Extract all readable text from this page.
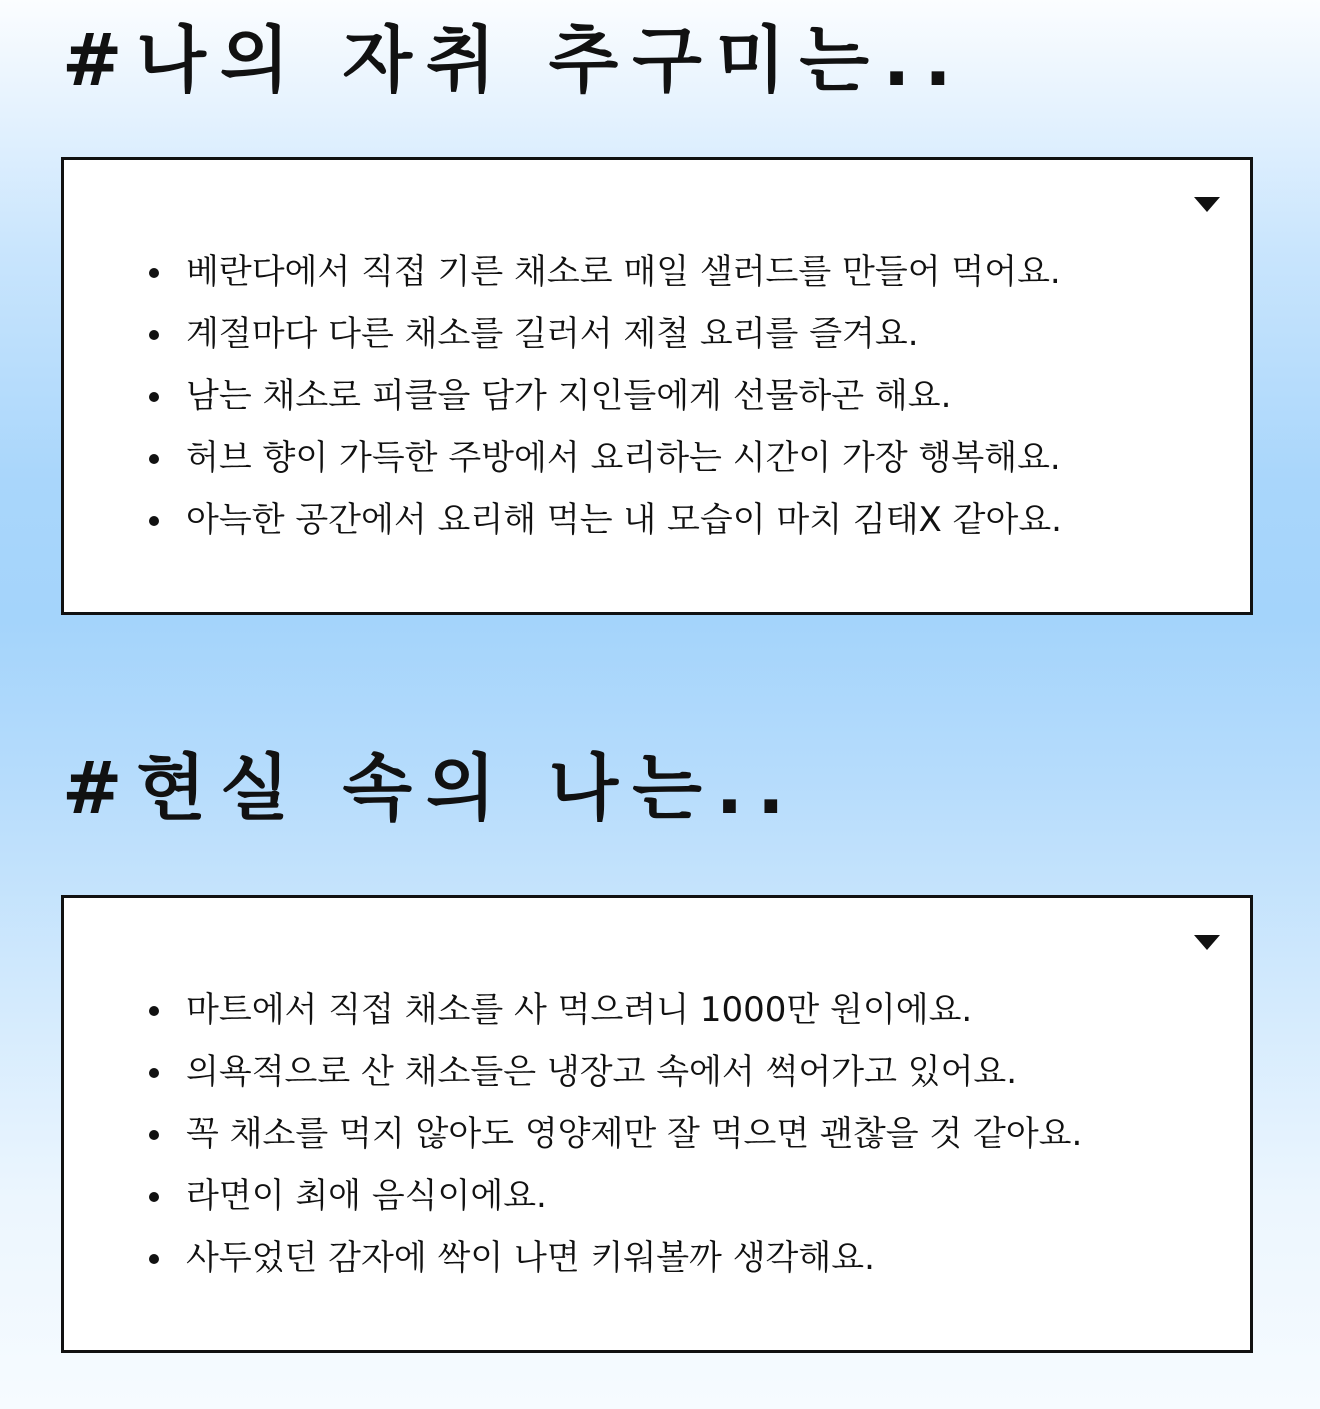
#나의 자취 추구미는..
베란다에서 직접 기른 채소로 매일 샐러드를 만들어 먹어요.
계절마다 다른 채소를 길러서 제철 요리를 즐겨요.
남는 채소로 피클을 담가 지인들에게 선물하곤 해요.
허브 향이 가득한 주방에서 요리하는 시간이 가장 행복해요.
아늑한 공간에서 요리해 먹는 내 모습이 마치 김태X 같아요.
#현실 속의 나는..
마트에서 직접 채소를 사 먹으려니 1000만 원이에요.
의욕적으로 산 채소들은 냉장고 속에서 썩어가고 있어요.
꼭 채소를 먹지 않아도 영양제만 잘 먹으면 괜찮을 것 같아요.
라면이 최애 음식이에요.
사두었던 감자에 싹이 나면 키워볼까 생각해요.
